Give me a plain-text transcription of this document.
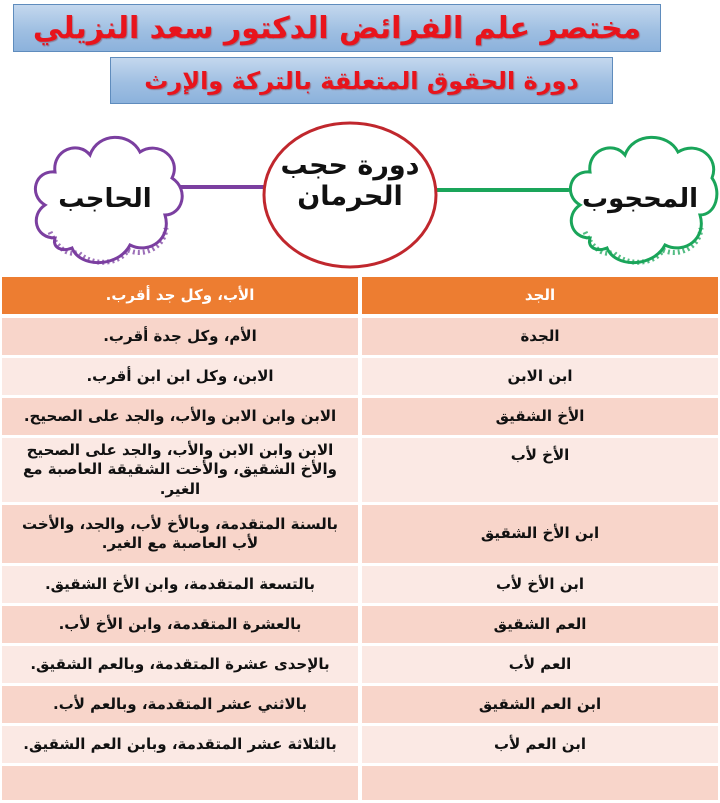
مختصر علم الفرائض الدكتور سعد النزيلي
دورة الحقوق المتعلقة بالتركة والإرث
دورة حجب
الحرمان
الحاجب	المحجوب
الجد	الأب، وكل جد أقرب.
الجدة	الأم، وكل جدة أقرب.
ابن الابن	الابن، وكل ابن ابن أقرب.
الأخ الشقيق	الابن وابن الابن والأب، والجد على الصحيح.
الأخ لأب	الابن وابن الابن والأب، والجد على الصحيح والأخ الشقيق، والأخت الشقيقة العاصبة مع الغير.
ابن الأخ الشقيق	بالسنة المتقدمة، وبالأخ لأب، والجد، والأخت لأب العاصبة مع الغير.
ابن الأخ لأب	بالتسعة المتقدمة، وابن الأخ الشقيق.
العم الشقيق	بالعشرة المتقدمة، وابن الأخ لأب.
العم لأب	بالإحدى عشرة المتقدمة، وبالعم الشقيق.
ابن العم الشقيق	بالاثني عشر المتقدمة، وبالعم لأب.
ابن العم لأب	بالثلاثة عشر المتقدمة، وبابن العم الشقيق.
